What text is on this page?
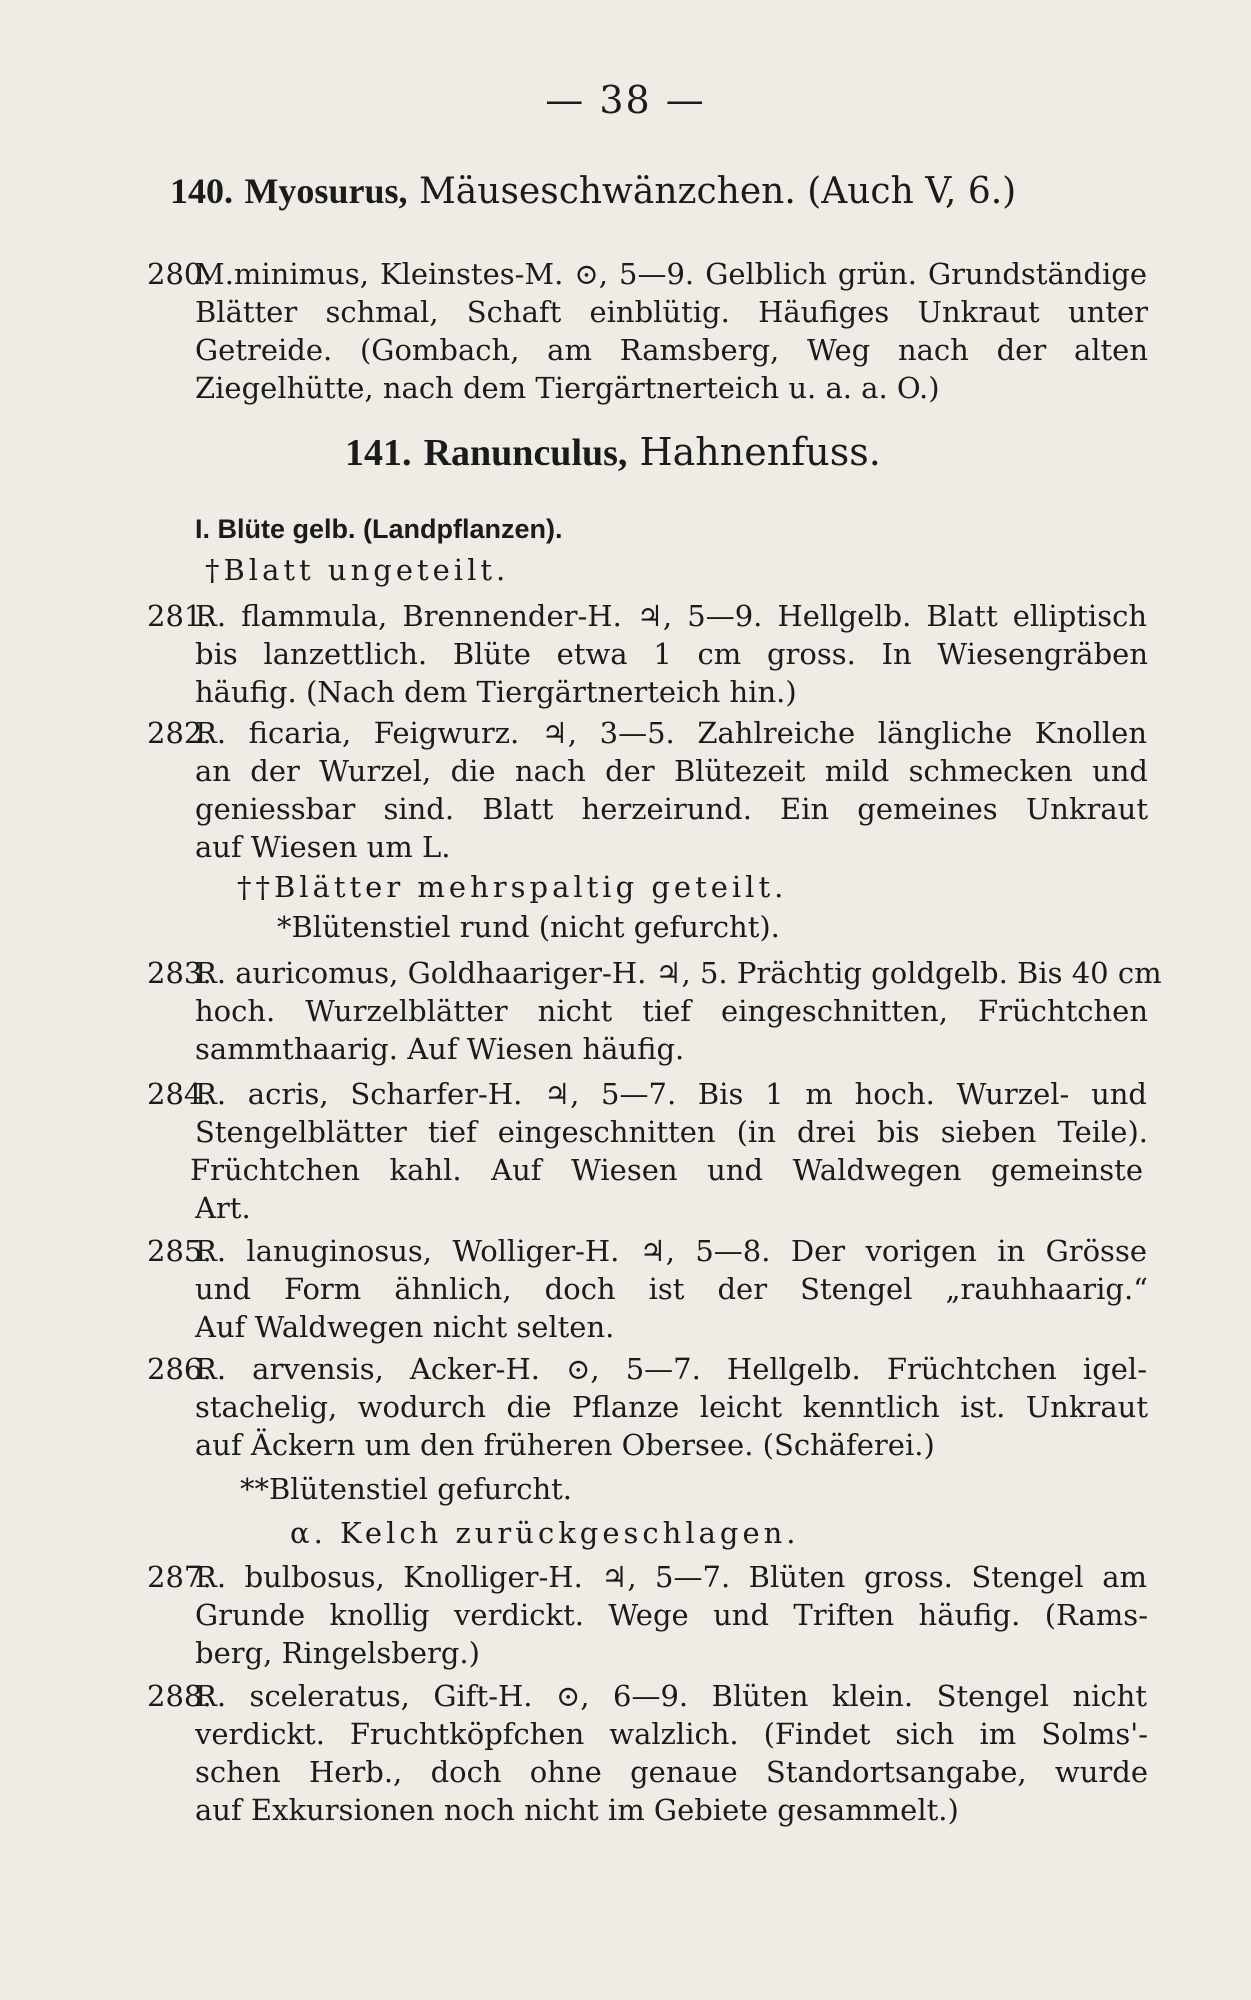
— 38 —
140. Myosurus, Mäuseschwänzchen. (Auch V, 6.)
280.M.minimus, Kleinstes-M. ⊙, 5—9. Gelblich grün. Grundständige
Blätter schmal, Schaft einblütig. Häufiges Unkraut unter
Getreide. (Gombach, am Ramsberg, Weg nach der alten
Ziegelhütte, nach dem Tiergärtnerteich u. a. a. O.)
141. Ranunculus, Hahnenfuss.
I. Blüte gelb. (Landpflanzen).
†Blatt ungeteilt.
281.R. flammula, Brennender-H. ♃, 5—9. Hellgelb. Blatt elliptisch
bis lanzettlich. Blüte etwa 1 cm gross. In Wiesengräben
häufig. (Nach dem Tiergärtnerteich hin.)
282.R. ficaria, Feigwurz. ♃, 3—5. Zahlreiche längliche Knollen
an der Wurzel, die nach der Blütezeit mild schmecken und
geniessbar sind. Blatt herzeirund. Ein gemeines Unkraut
auf Wiesen um L.
††Blätter mehrspaltig geteilt.
*Blütenstiel rund (nicht gefurcht).
283.R. auricomus, Goldhaariger-H. ♃, 5. Prächtig goldgelb. Bis 40 cm
hoch. Wurzelblätter nicht tief eingeschnitten, Früchtchen
sammthaarig. Auf Wiesen häufig.
284.R. acris, Scharfer-H. ♃, 5—7. Bis 1 m hoch. Wurzel- und
Stengelblätter tief eingeschnitten (in drei bis sieben Teile).
Früchtchen kahl. Auf Wiesen und Waldwegen gemeinste
Art.
285.R. lanuginosus, Wolliger-H. ♃, 5—8. Der vorigen in Grösse
und Form ähnlich, doch ist der Stengel „rauhhaarig.“
Auf Waldwegen nicht selten.
286.R. arvensis, Acker-H. ⊙, 5—7. Hellgelb. Früchtchen igel-
stachelig, wodurch die Pflanze leicht kenntlich ist. Unkraut
auf Äckern um den früheren Obersee. (Schäferei.)
**Blütenstiel gefurcht.
α. Kelch zurückgeschlagen.
287.R. bulbosus, Knolliger-H. ♃, 5—7. Blüten gross. Stengel am
Grunde knollig verdickt. Wege und Triften häufig. (Rams-
berg, Ringelsberg.)
288.R. sceleratus, Gift-H. ⊙, 6—9. Blüten klein. Stengel nicht
verdickt. Fruchtköpfchen walzlich. (Findet sich im Solms'-
schen Herb., doch ohne genaue Standortsangabe, wurde
auf Exkursionen noch nicht im Gebiete gesammelt.)
